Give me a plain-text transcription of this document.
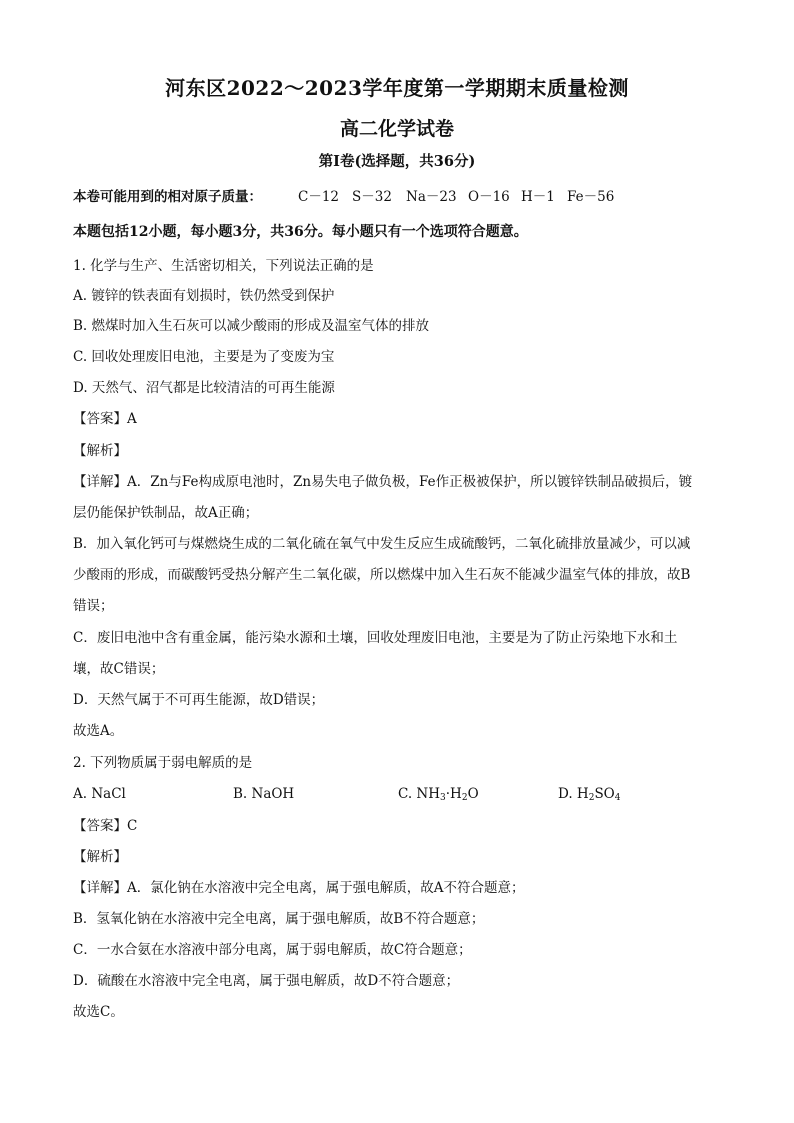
河东区2022～2023学年度第一学期期末质量检测
高二化学试卷
第I卷(选择题，共36分)
本卷可能用到的相对原子质量：	C－12 S－32 Na－23 O－16 H－1 Fe－56
本题包括12小题，每小题3分，共36分。每小题只有一个选项符合题意。
1. 化学与生产、生活密切相关，下列说法正确的是
A. 镀锌的铁表面有划损时，铁仍然受到保护
B. 燃煤时加入生石灰可以减少酸雨的形成及温室气体的排放
C. 回收处理废旧电池，主要是为了变废为宝
D. 天然气、沼气都是比较清洁的可再生能源
【答案】A
【解析】
【详解】A．Zn与Fe构成原电池时，Zn易失电子做负极，Fe作正极被保护，所以镀锌铁制品破损后，镀
层仍能保护铁制品，故A正确；
B．加入氧化钙可与煤燃烧生成的二氧化硫在氧气中发生反应生成硫酸钙，二氧化硫排放量减少，可以减
少酸雨的形成，而碳酸钙受热分解产生二氧化碳，所以燃煤中加入生石灰不能减少温室气体的排放，故B
错误；
C．废旧电池中含有重金属，能污染水源和土壤，回收处理废旧电池，主要是为了防止污染地下水和土
壤，故C错误；
D．天然气属于不可再生能源，故D错误；
故选A。
2. 下列物质属于弱电解质的是
A. NaCl	B. NaOH	C. $NH_3\cdot H_2O$	D. $H_2SO_4$
【答案】C
【解析】
【详解】A．氯化钠在水溶液中完全电离，属于强电解质，故A不符合题意；
B．氢氧化钠在水溶液中完全电离，属于强电解质，故B不符合题意；
C．一水合氨在水溶液中部分电离，属于弱电解质，故C符合题意；
D．硫酸在水溶液中完全电离，属于强电解质，故D不符合题意；
故选C。
